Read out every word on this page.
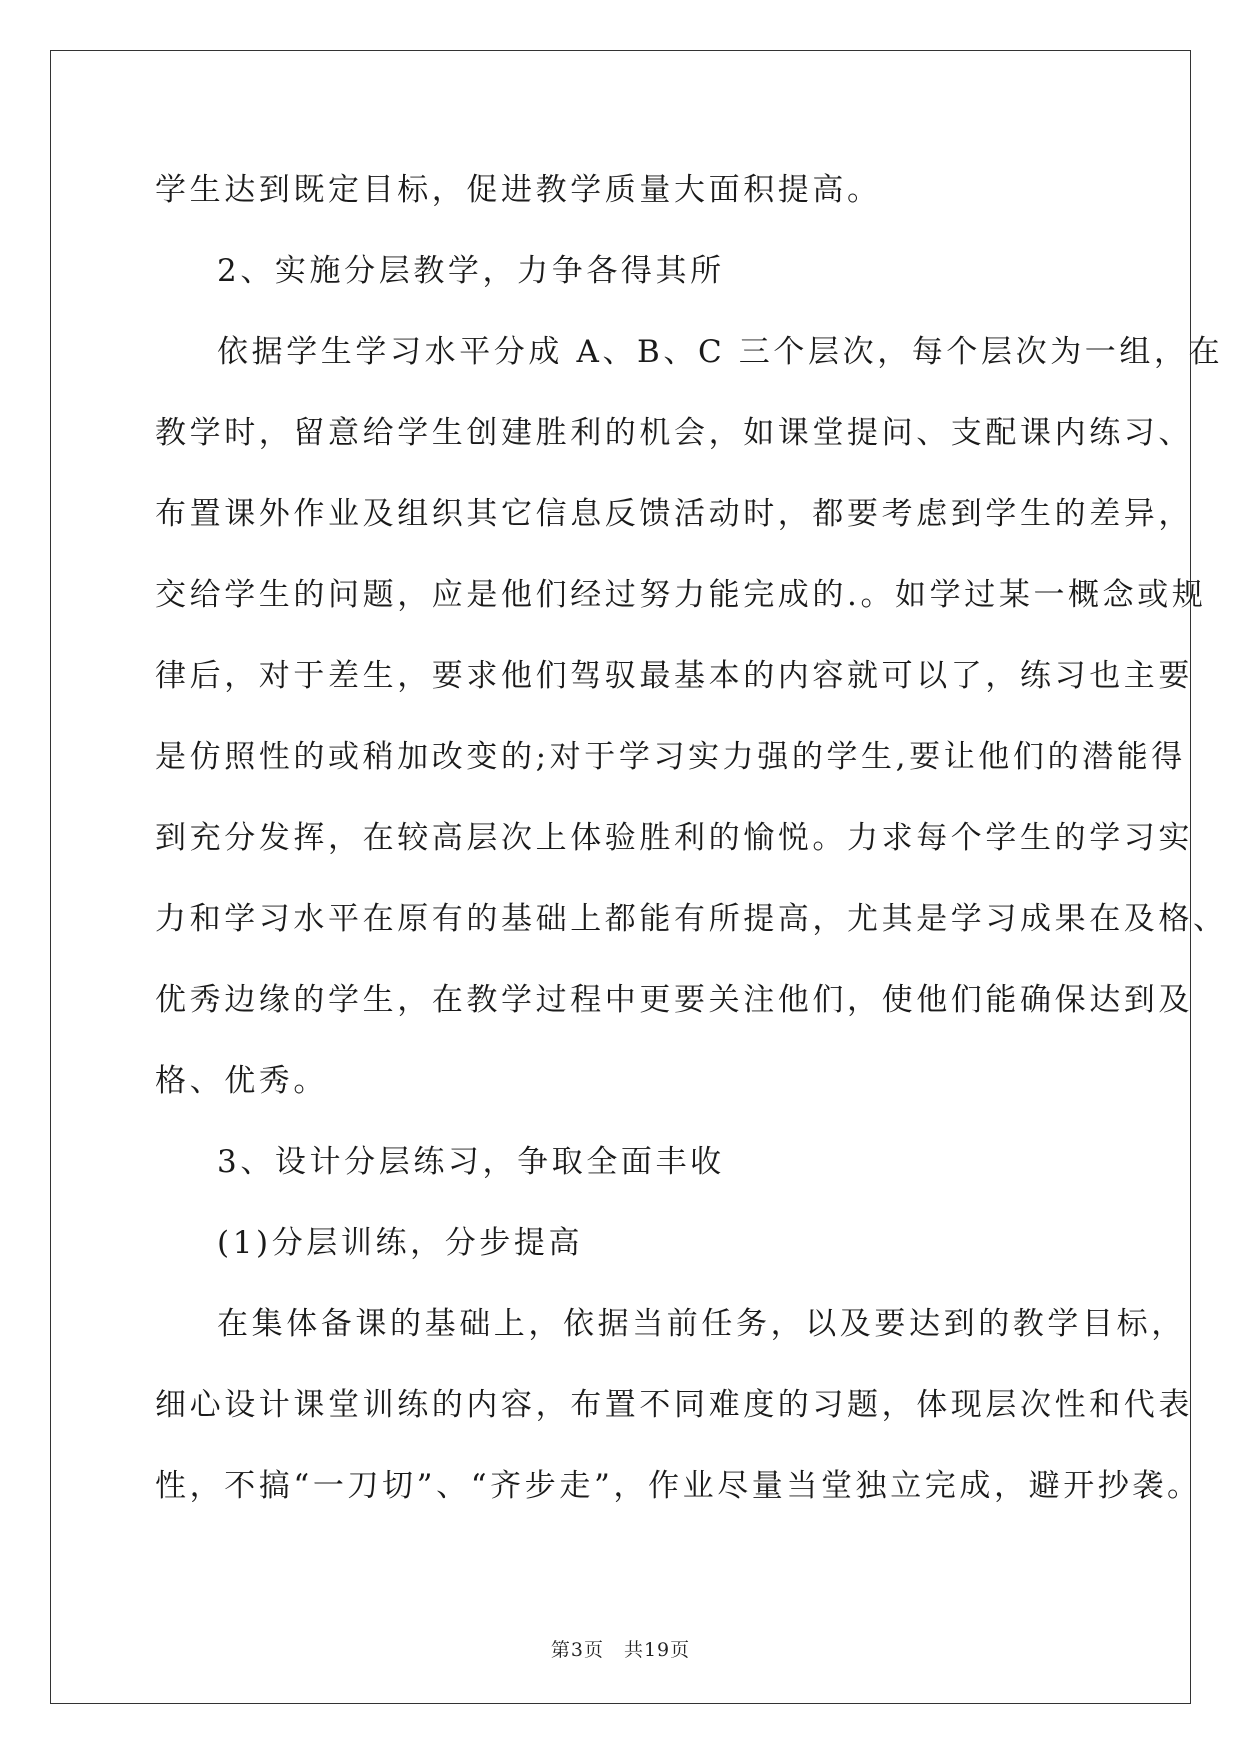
学生达到既定目标，促进教学质量大面积提高。
2、实施分层教学，力争各得其所
依据学生学习水平分成 A、B、C 三个层次，每个层次为一组，在
教学时，留意给学生创建胜利的机会，如课堂提问、支配课内练习、
布置课外作业及组织其它信息反馈活动时，都要考虑到学生的差异，
交给学生的问题，应是他们经过努力能完成的.。如学过某一概念或规
律后，对于差生，要求他们驾驭最基本的内容就可以了，练习也主要
是仿照性的或稍加改变的;对于学习实力强的学生,要让他们的潜能得
到充分发挥，在较高层次上体验胜利的愉悦。力求每个学生的学习实
力和学习水平在原有的基础上都能有所提高，尤其是学习成果在及格、
优秀边缘的学生，在教学过程中更要关注他们，使他们能确保达到及
格、优秀。
3、设计分层练习，争取全面丰收
(1)分层训练，分步提高
在集体备课的基础上，依据当前任务，以及要达到的教学目标，
细心设计课堂训练的内容，布置不同难度的习题，体现层次性和代表
性，不搞“一刀切”、“齐步走”，作业尽量当堂独立完成，避开抄袭。
第3页　共19页
